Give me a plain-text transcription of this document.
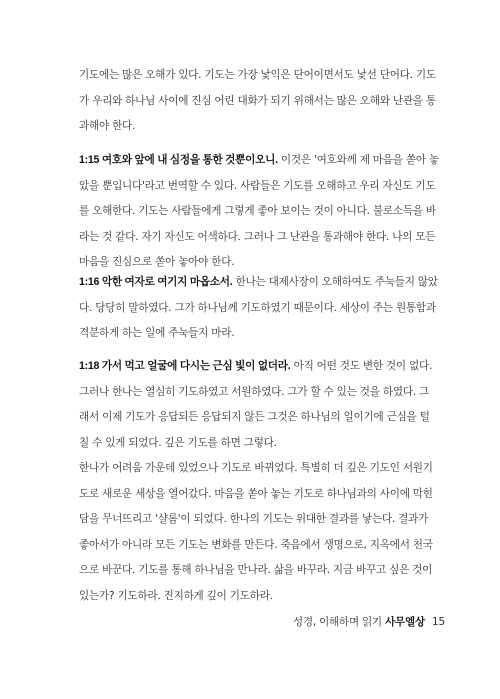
기도에는 많은 오해가 있다. 기도는 가장 낯익은 단어이면서도 낯선 단어다. 기도
가 우리와 하나님 사이에 진심 어린 대화가 되기 위해서는 많은 오해와 난관을 통
과해야 한다.

1:15 여호와 앞에 내 심정을 통한 것뿐이오니. 이것은 '여호와께 제 마음을 쏟아 놓
았을 뿐입니다'라고 번역할 수 있다. 사람들은 기도를 오해하고 우리 자신도 기도
를 오해한다. 기도는 사람들에게 그렇게 좋아 보이는 것이 아니다. 불로소득을 바
라는 것 같다. 자기 자신도 어색하다. 그러나 그 난관을 통과해야 한다. 나의 모든
마음을 진심으로 쏟아 놓아야 한다.

1:16 악한 여자로 여기지 마옵소서. 한나는 대제사장이 오해하여도 주눅들지 않았
다. 당당히 말하였다. 그가 하나님께 기도하였기 때문이다. 세상이 주는 원통함과
격분하게 하는 일에 주눅들지 마라.

1:18 가서 먹고 얼굴에 다시는 근심 빛이 없더라. 아직 어떤 것도 변한 것이 없다.
그러나 한나는 열심히 기도하였고 서원하였다. 그가 할 수 있는 것을 하였다. 그
래서 이제 기도가 응답되든 응답되지 않든 그것은 하나님의 일이기에 근심을 털
칠 수 있게 되었다. 깊은 기도를 하면 그렇다.
한나가 어려움 가운데 있었으나 기도로 바뀌었다. 특별히 더 깊은 기도인 서원기
도로 새로운 세상을 열어갔다. 마음을 쏟아 놓는 기도로 하나님과의 사이에 막힌
담을 무너뜨리고 '샬롬'이 되었다. 한나의 기도는 위대한 결과를 낳는다. 결과가
좋아서가 아니라 모든 기도는 변화를 만든다. 죽음에서 생명으로, 지옥에서 천국
으로 바꾼다. 기도를 통해 하나님을 만나라. 삶을 바꾸라. 지금 바꾸고 싶은 것이
있는가? 기도하라. 진지하게 깊이 기도하라.

성경, 이해하며 읽기 사무엘상 15
